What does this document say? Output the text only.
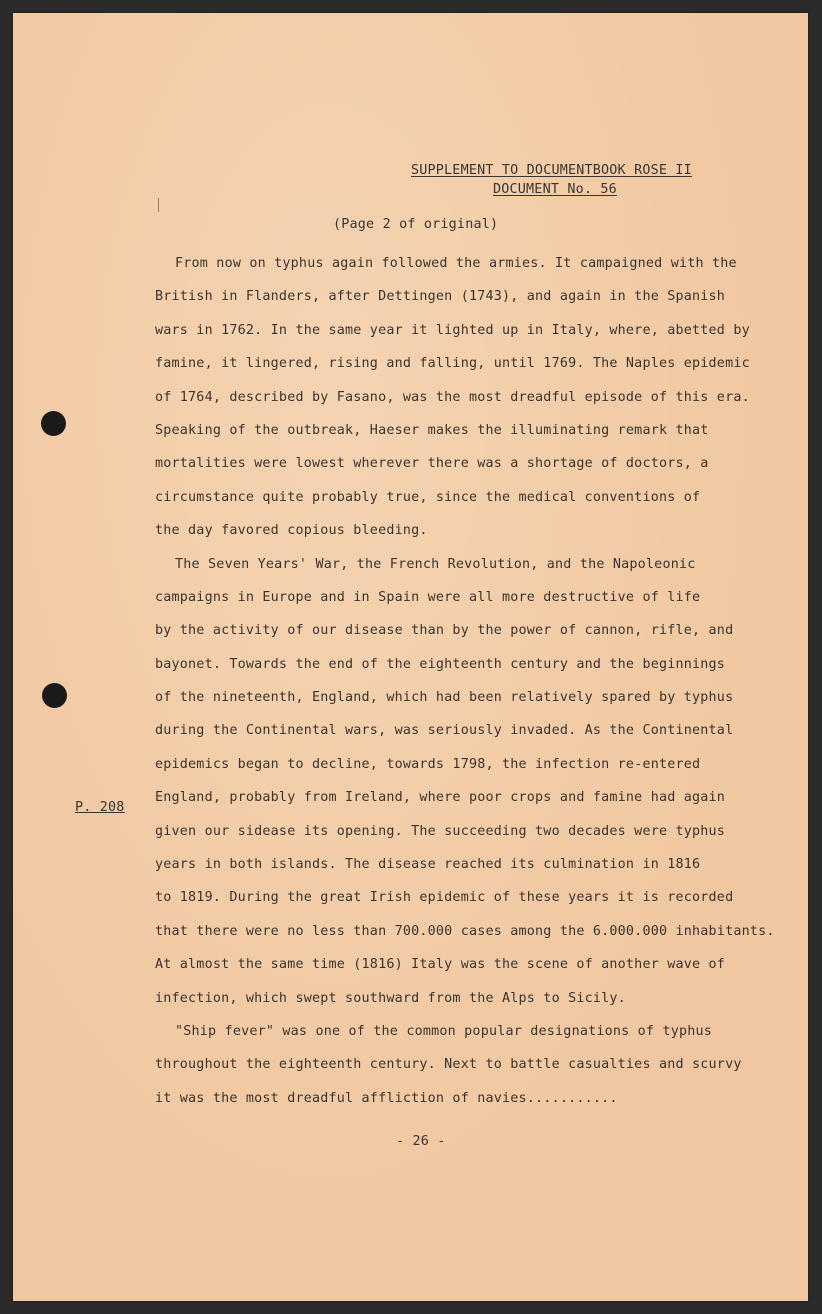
SUPPLEMENT TO DOCUMENTBOOK ROSE II
DOCUMENT No. 56
(Page 2 of original)
P. 208
From now on typhus again followed the armies. It campaigned with the
British in Flanders, after Dettingen (1743), and again in the Spanish
wars in 1762. In the same year it lighted up in Italy, where, abetted by
famine, it lingered, rising and falling, until 1769. The Naples epidemic
of 1764, described by Fasano, was the most dreadful episode of this era.
Speaking of the outbreak, Haeser makes the illuminating remark that
mortalities were lowest wherever there was a shortage of doctors, a
circumstance quite probably true, since the medical conventions of
the day favored copious bleeding.
The Seven Years' War, the French Revolution, and the Napoleonic
campaigns in Europe and in Spain were all more destructive of life
by the activity of our disease than by the power of cannon, rifle, and
bayonet. Towards the end of the eighteenth century and the beginnings
of the nineteenth, England, which had been relatively spared by typhus
during the Continental wars, was seriously invaded. As the Continental
epidemics began to decline, towards 1798, the infection re-entered
England, probably from Ireland, where poor crops and famine had again
given our sidease its opening. The succeeding two decades were typhus
years in both islands. The disease reached its culmination in 1816
to 1819. During the great Irish epidemic of these years it is recorded
that there were no less than 700.000 cases among the 6.000.000 inhabitants.
At almost the same time (1816) Italy was the scene of another wave of
infection, which swept southward from the Alps to Sicily.
"Ship fever" was one of the common popular designations of typhus
throughout the eighteenth century. Next to battle casualties and scurvy
it was the most dreadful affliction of navies...........
- 26 -
